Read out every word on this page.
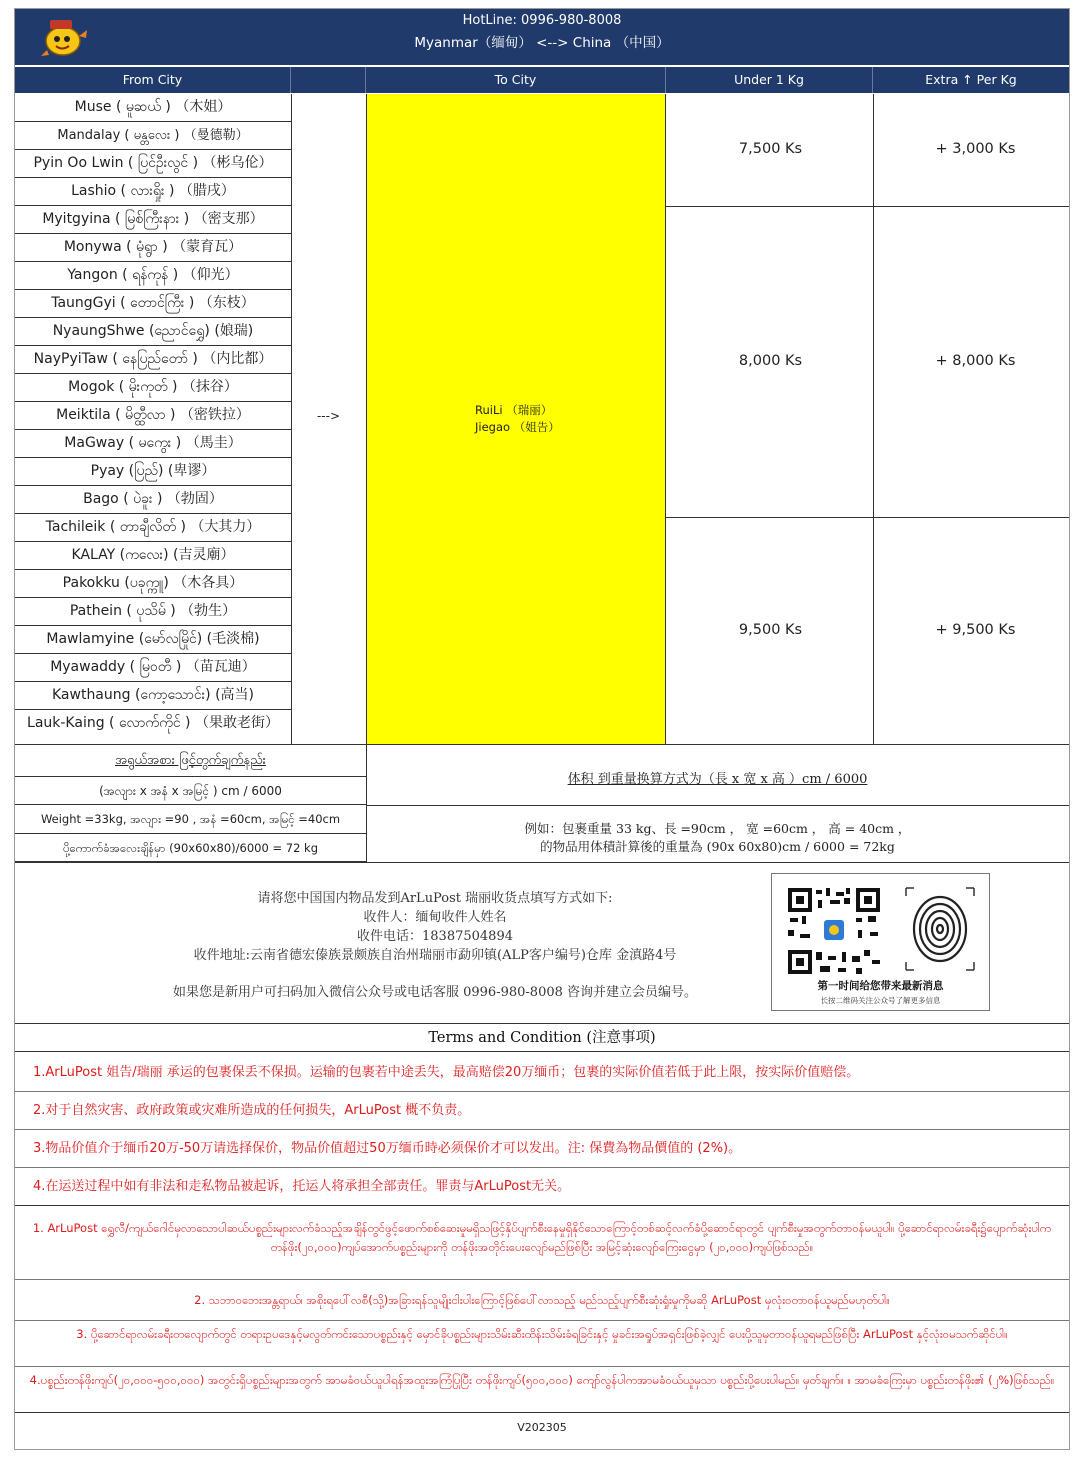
HotLine: 0996-980-8008
Myanmar（缅甸） <--> China （中国）
From City	To City	Under 1 Kg	Extra ↑ Per Kg
Muse ( မူဆယ် ) （木姐）
Mandalay ( မန္တလေး ) （曼德勒）
Pyin Oo Lwin ( ပြင်ဦးလွင် ) （彬乌伦）
Lashio ( လားရှိုး ) （腊戌）
Myitgyina ( မြစ်ကြီးနား ) （密支那）
Monywa ( မုံရွာ ) （蒙育瓦）
Yangon ( ရန်ကုန် ) （仰光）
TaungGyi ( တောင်ကြီး ) （东枝）
NyaungShwe (ညောင်ရွှေ) (娘瑞)
NayPyiTaw ( နေပြည်တော် ) （内比都）
Mogok ( မိုးကုတ် ) （抹谷）
Meiktila ( မိတ္ထီလာ ) （密铁拉）
MaGway ( မကွေး ) （馬圭）
Pyay (ပြည်) (卑谬）
Bago ( ပဲခူး ) （勃固）
Tachileik ( တာချီလိတ် ) （大其力）
KALAY (ကလေး) (吉灵廟）
Pakokku (ပခုက္ကူ) （木各具）
Pathein ( ပုသိမ် ) （勃生）
Mawlamyine (မော်လမြိုင်) (毛淡棉)
Myawaddy ( မြဝတီ ) （苗瓦迪）
Kawthaung (ကော့သောင်း) (高当)
Lauk-Kaing ( လောက်ကိုင် ) （果敢老街）
--->	RuiLi （瑞丽）
Jiegao （姐告）
7,500 Ks	+ 3,000 Ks
8,000 Ks	+ 8,000 Ks
9,500 Ks	+ 9,500 Ks
အရွယ်အစား ဖြင့်တွက်ချက်နည်း
(အလျား x အနံ x အမြင့် ) cm / 6000
Weight =33kg, အလျား =90 , အနံ =60cm, အမြင့် =40cm
ပို့ကောက်ခံအလေးချိန်မှာ (90x60x80)/6000 = 72 kg
体积 到重量换算方式为（長 x 宽 x 高 ）cm / 6000
例如：包裹重量 33 kg、長 =90cm ， 宽 =60cm ， 高 = 40cm ，
的物品用体積計算後的重量為 (90x 60x80)cm / 6000 = 72kg
请将您中国国内物品发到ArLuPost 瑞丽收货点填写方式如下:
收件人：缅甸收件人姓名
收件电话：18387504894
收件地址:云南省德宏傣族景颇族自治州瑞丽市勐卯镇(ALP客户编号)仓库 金滇路4号
如果您是新用户可扫码加入微信公众号或电话客服 0996-980-8008 咨询并建立会员编号。	第一时间给您带来最新消息
长按二维码关注公众号了解更多信息
Terms and Condition (注意事项)
1.ArLuPost 姐告/瑞丽 承运的包裹保丢不保损。运输的包裹若中途丢失，最高赔偿20万缅币；包裹的实际价值若低于此上限，按实际价值赔偿。
2.对于自然灾害、政府政策或灾难所造成的任何损失，ArLuPost 概不负责。
3.物品价值介于缅币20万-50万请选择保价，物品价值超过50万缅币時必须保价才可以发出。注: 保費為物品價值的 (2%)。
4.在运送过程中如有非法和走私物品被起诉，托运人将承担全部责任。罪责与ArLuPost无关。
1. ArLuPost ရွှေလီ/ကျယ်ဂေါင်မှလာသောပါဆယ်ပစ္စည်းများလက်ခံသည့်အချိန်တွင်ဖွင့်ဖောက်စစ်ဆေးမှုမရှိသဖြင့်နှိပ်ပျက်စီးနေမှုရှိနိုင်သောကြောင့်တစ်ဆင့်လက်ခံပို့ဆောင်ရာတွင် ပျက်စီးမှုအတွက်တာဝန်မယူပါ။ ပို့ဆောင်ရာလမ်းခရီး၌ပျောက်ဆုံးပါကတန်ဖိုး(၂၀,၀၀၀)ကျပ်အောက်ပစ္စည်းများကို တန်ဖိုးအတိုင်းပေးလျော်မည်ဖြစ်ပြီး အမြင့်ဆုံးလျော်ကြေးငွေမှာ (၂၀,၀၀၀)ကျပ်ဖြစ်သည်။
2. သဘာဝဘေးအန္တရာယ်၊ အစိုးရပေါ်လစီ(သို့)အခြားရန်သူမျိုးငါးပါးကြောင့်ဖြစ်ပေါ်လာသည့် မည်သည့်ပျက်စီးဆုံးရှုံးမှုကိုမဆို ArLuPost မှလုံးဝတာဝန်ယူမည်မဟုတ်ပါ။
3. ပို့ဆောင်ရာလမ်းခရီးတလျောက်တွင် တရားဥပဒေနှင့်မလွတ်ကင်းသောပစ္စည်းနှင့် မှောင်ခိုပစ္စည်းများသိမ်းဆီးထိန်းသိမ်းခံရခြင်းနှင့် မှုခင်းအရှုပ်အရှင်းဖြစ်ခဲ့လျှင် ပေးပို့သူမှတာဝန်ယူရမည်ဖြစ်ပြီး ArLuPost နှင့်လုံးဝမသက်ဆိုင်ပါ။
4.ပစ္စည်းတန်ဖိုးကျပ်(၂၀,၀၀၀-၅၀၀,၀၀၀) အတွင်းရှိပစ္စည်းများအတွက် အာမခံဝယ်ယူပါရန်အထူးအကြံပြုပြီး တန်ဖိုးကျပ်(၅၀၀,၀၀၀) ကျော်လွန်ပါကအာမခံဝယ်ယူမှသာ ပစ္စည်းပို့ပေးပါမည်။ မှတ်ချက်။ ။ အာမခံကြေးမှာ ပစ္စည်းတန်ဖိုး၏ (၂%)ဖြစ်သည်။
V202305
